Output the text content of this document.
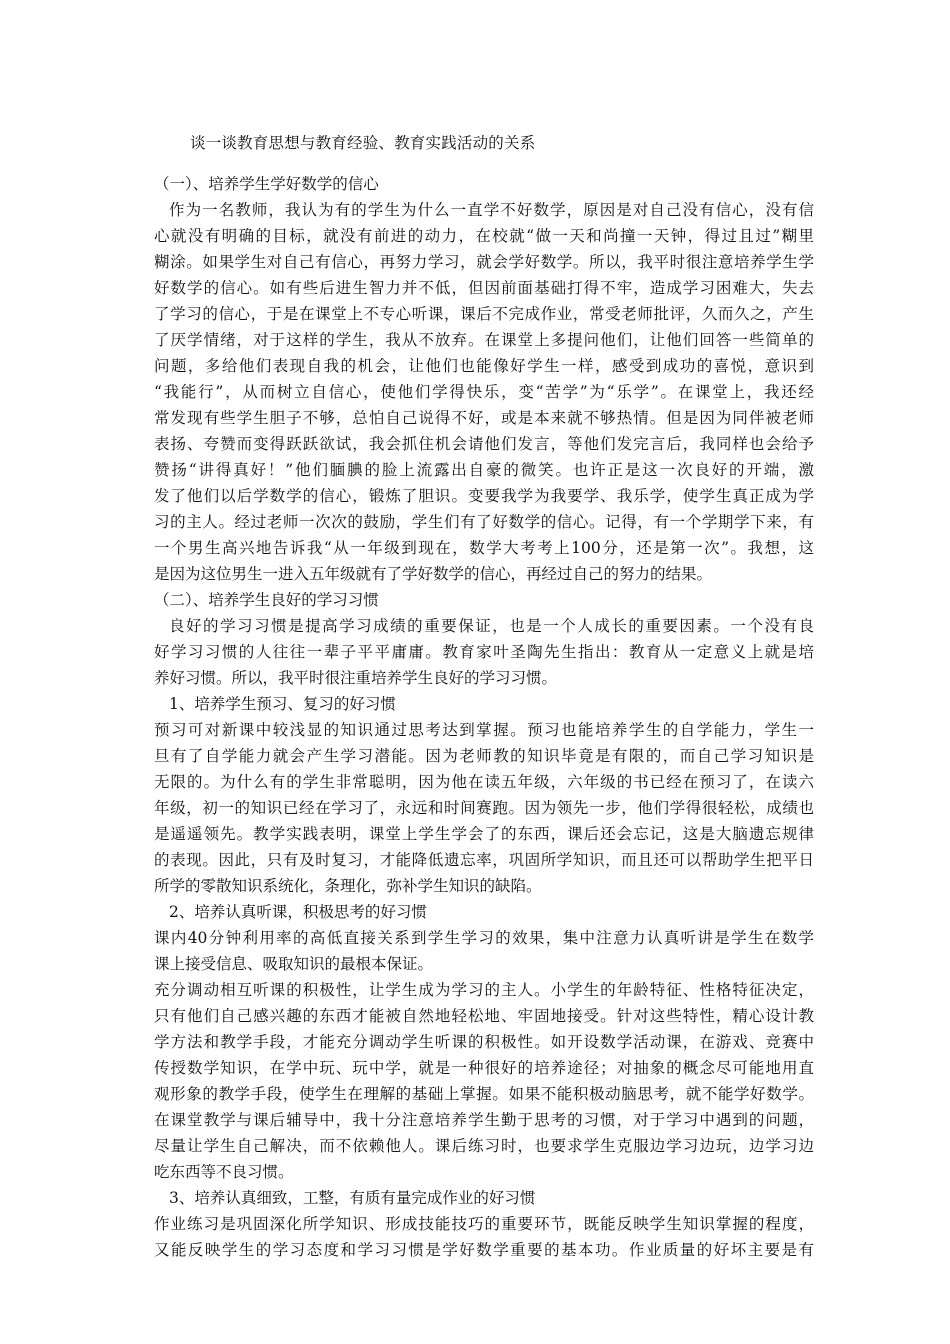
谈一谈教育思想与教育经验、教育实践活动的关系
（一）、培养学生学好数学的信心
作为一名教师，我认为有的学生为什么一直学不好数学，原因是对自己没有信心，没有信
心就没有明确的目标，就没有前进的动力，在校就“做一天和尚撞一天钟，得过且过”糊里
糊涂。如果学生对自己有信心，再努力学习，就会学好数学。所以，我平时很注意培养学生学
好数学的信心。如有些后进生智力并不低，但因前面基础打得不牢，造成学习困难大，失去
了学习的信心，于是在课堂上不专心听课，课后不完成作业，常受老师批评，久而久之，产生
了厌学情绪，对于这样的学生，我从不放弃。在课堂上多提问他们，让他们回答一些简单的
问题，多给他们表现自我的机会，让他们也能像好学生一样，感受到成功的喜悦，意识到
“我能行”，从而树立自信心，使他们学得快乐，变“苦学”为“乐学”。在课堂上，我还经
常发现有些学生胆子不够，总怕自己说得不好，或是本来就不够热情。但是因为同伴被老师
表扬、夸赞而变得跃跃欲试，我会抓住机会请他们发言，等他们发完言后，我同样也会给予
赞扬“讲得真好！”他们腼腆的脸上流露出自豪的微笑。也许正是这一次良好的开端，激
发了他们以后学数学的信心，锻炼了胆识。变要我学为我要学、我乐学，使学生真正成为学
习的主人。经过老师一次次的鼓励，学生们有了好数学的信心。记得，有一个学期学下来，有
一个男生高兴地告诉我“从一年级到现在，数学大考考上100分，还是第一次”。我想，这
是因为这位男生一进入五年级就有了学好数学的信心，再经过自己的努力的结果。
（二）、培养学生良好的学习习惯
良好的学习习惯是提高学习成绩的重要保证，也是一个人成长的重要因素。一个没有良
好学习习惯的人往往一辈子平平庸庸。教育家叶圣陶先生指出：教育从一定意义上就是培
养好习惯。所以，我平时很注重培养学生良好的学习习惯。
1、培养学生预习、复习的好习惯
预习可对新课中较浅显的知识通过思考达到掌握。预习也能培养学生的自学能力，学生一
旦有了自学能力就会产生学习潜能。因为老师教的知识毕竟是有限的，而自己学习知识是
无限的。为什么有的学生非常聪明，因为他在读五年级，六年级的书已经在预习了，在读六
年级，初一的知识已经在学习了，永远和时间赛跑。因为领先一步，他们学得很轻松，成绩也
是遥遥领先。教学实践表明，课堂上学生学会了的东西，课后还会忘记，这是大脑遗忘规律
的表现。因此，只有及时复习，才能降低遗忘率，巩固所学知识，而且还可以帮助学生把平日
所学的零散知识系统化，条理化，弥补学生知识的缺陷。
2、培养认真听课，积极思考的好习惯
课内40分钟利用率的高低直接关系到学生学习的效果，集中注意力认真听讲是学生在数学
课上接受信息、吸取知识的最根本保证。
充分调动相互听课的积极性，让学生成为学习的主人。小学生的年龄特征、性格特征决定，
只有他们自己感兴趣的东西才能被自然地轻松地、牢固地接受。针对这些特性，精心设计教
学方法和教学手段，才能充分调动学生听课的积极性。如开设数学活动课，在游戏、竞赛中
传授数学知识，在学中玩、玩中学，就是一种很好的培养途径；对抽象的概念尽可能地用直
观形象的教学手段，使学生在理解的基础上掌握。如果不能积极动脑思考，就不能学好数学。
在课堂教学与课后辅导中，我十分注意培养学生勤于思考的习惯，对于学习中遇到的问题，
尽量让学生自己解决，而不依赖他人。课后练习时，也要求学生克服边学习边玩，边学习边
吃东西等不良习惯。
3、培养认真细致，工整，有质有量完成作业的好习惯
作业练习是巩固深化所学知识、形成技能技巧的重要环节，既能反映学生知识掌握的程度，
又能反映学生的学习态度和学习习惯是学好数学重要的基本功。作业质量的好坏主要是有
